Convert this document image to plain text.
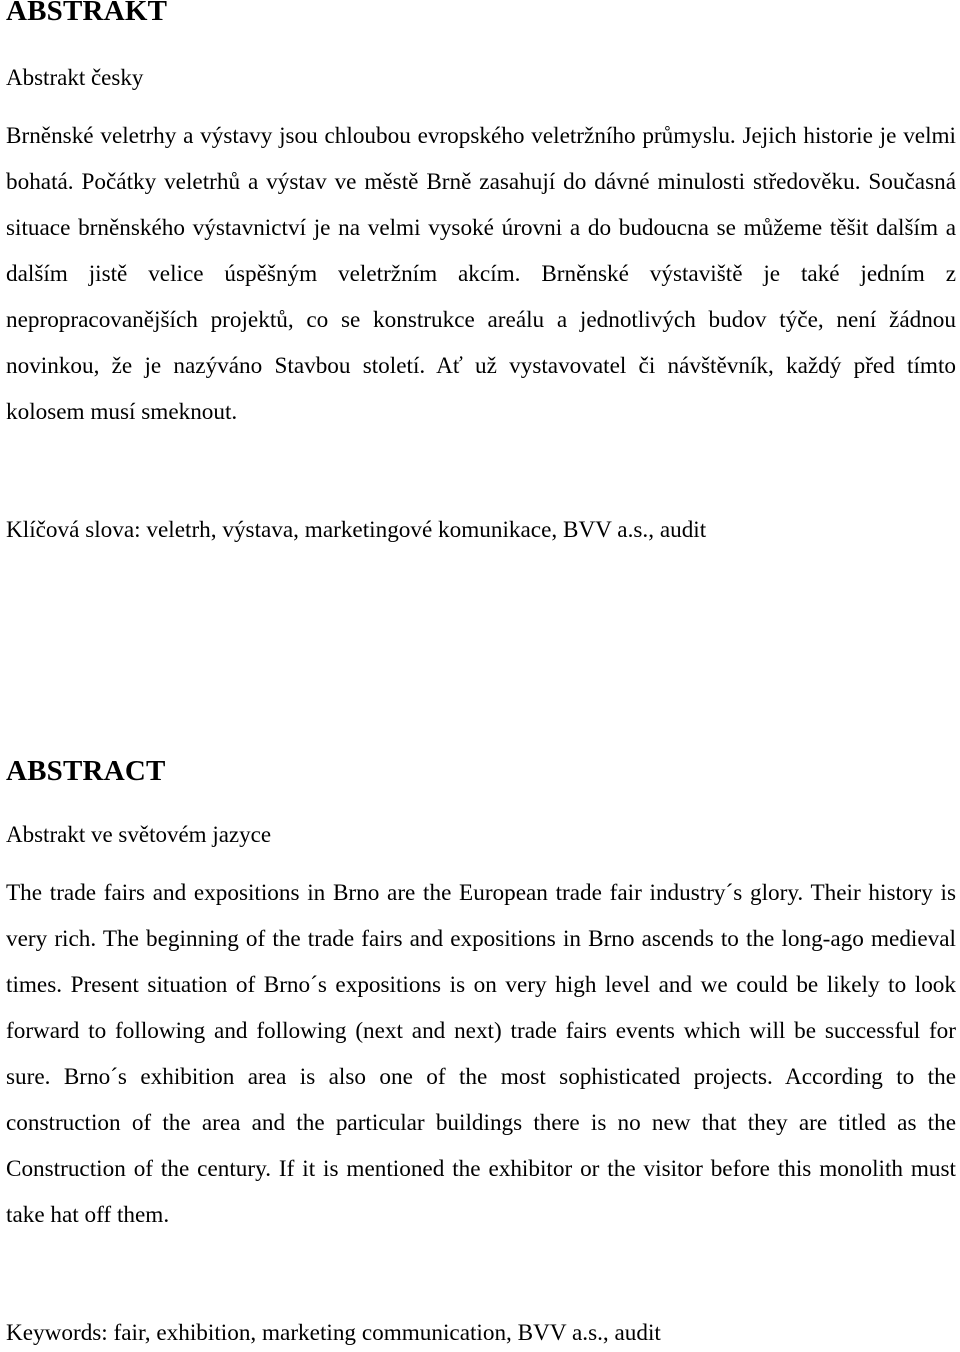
ABSTRAKT

Abstrakt česky

Brněnské veletrhy a výstavy jsou chloubou evropského veletržního průmyslu. Jejich historie je velmi bohatá. Počátky veletrhů a výstav ve městě Brně zasahují do dávné minulosti středověku. Současná situace brněnského výstavnictví je na velmi vysoké úrovni a do budoucna se můžeme těšit dalším a dalším jistě velice úspěšným veletržním akcím. Brněnské výstaviště je také jedním z nepropracovanějších projektů, co se konstrukce areálu a jednotlivých budov týče, není žádnou novinkou, že je nazýváno Stavbou století. Ať už vystavovatel či návštěvník, každý před tímto kolosem musí smeknout.

Klíčová slova: veletrh, výstava, marketingové komunikace, BVV a.s., audit

ABSTRACT

Abstrakt ve světovém jazyce

The trade fairs and expositions in Brno are the European trade fair industry´s glory. Their history is very rich. The beginning of the trade fairs and expositions in Brno ascends to the long-ago medieval times. Present situation of Brno´s expositions is on very high level and we could be likely to look forward to following and following (next and next) trade fairs events which will be successful for sure. Brno´s exhibition area is also one of the most sophisticated projects. According to the construction of the area and the particular buildings there is no new that they are titled as the Construction of the century. If it is mentioned the exhibitor or the visitor before this monolith must take hat off them.

Keywords: fair, exhibition, marketing communication, BVV a.s., audit
